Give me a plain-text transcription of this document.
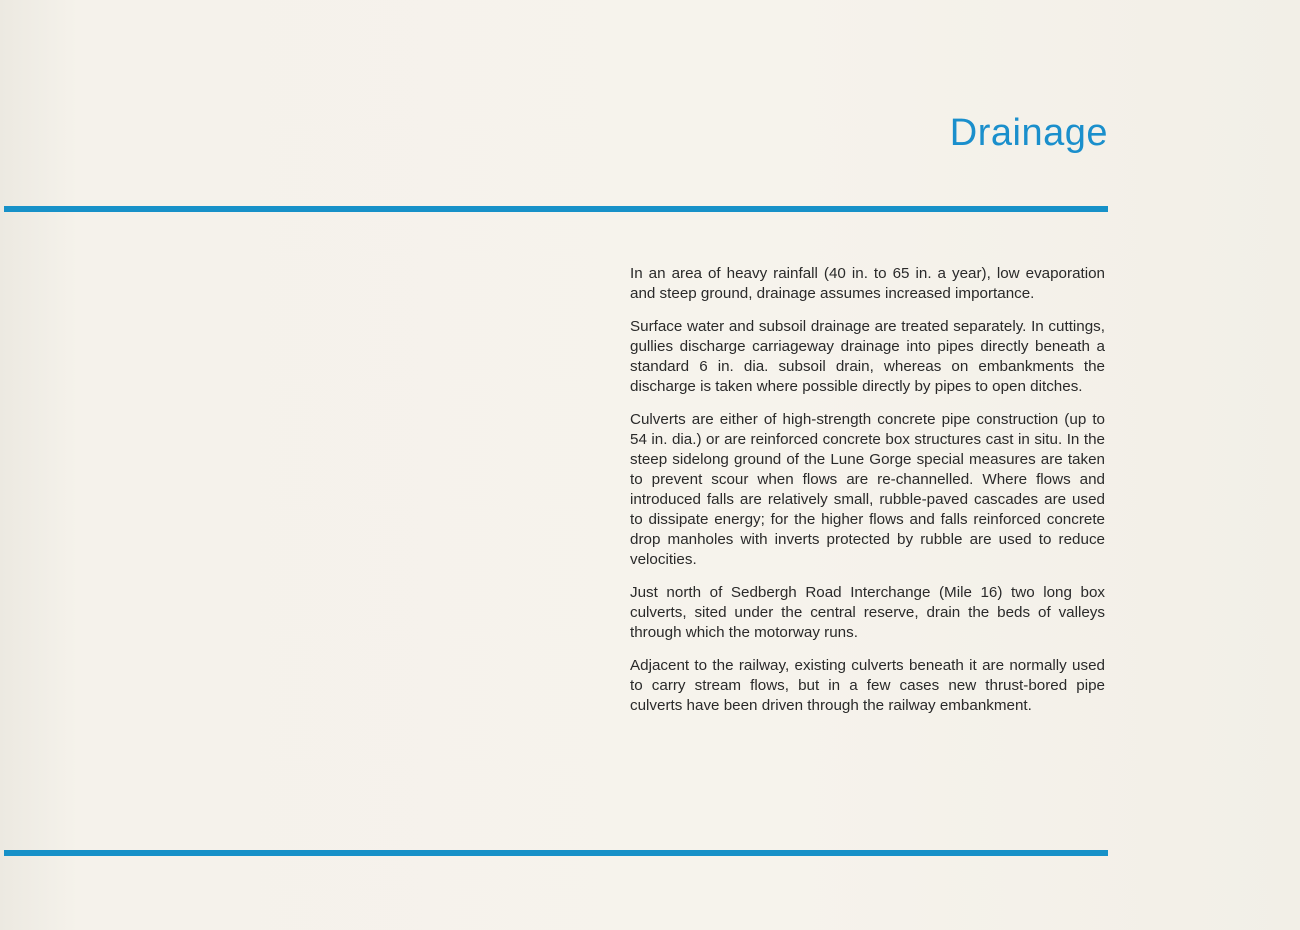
Drainage

In an area of heavy rainfall (40 in. to 65 in. a year), low evaporation and steep ground, drainage assumes increased importance.

Surface water and subsoil drainage are treated separately. In cuttings, gullies discharge carriageway drainage into pipes directly beneath a standard 6 in. dia. subsoil drain, whereas on embankments the discharge is taken where possible directly by pipes to open ditches.

Culverts are either of high-strength concrete pipe construction (up to 54 in. dia.) or are reinforced concrete box structures cast in situ. In the steep sidelong ground of the Lune Gorge special measures are taken to prevent scour when flows are re-channelled. Where flows and introduced falls are relatively small, rubble-paved cascades are used to dissipate energy; for the higher flows and falls reinforced concrete drop manholes with inverts protected by rubble are used to reduce velocities.

Just north of Sedbergh Road Interchange (Mile 16) two long box culverts, sited under the central reserve, drain the beds of valleys through which the motorway runs.

Adjacent to the railway, existing culverts beneath it are normally used to carry stream flows, but in a few cases new thrust-bored pipe culverts have been driven through the railway embankment.
